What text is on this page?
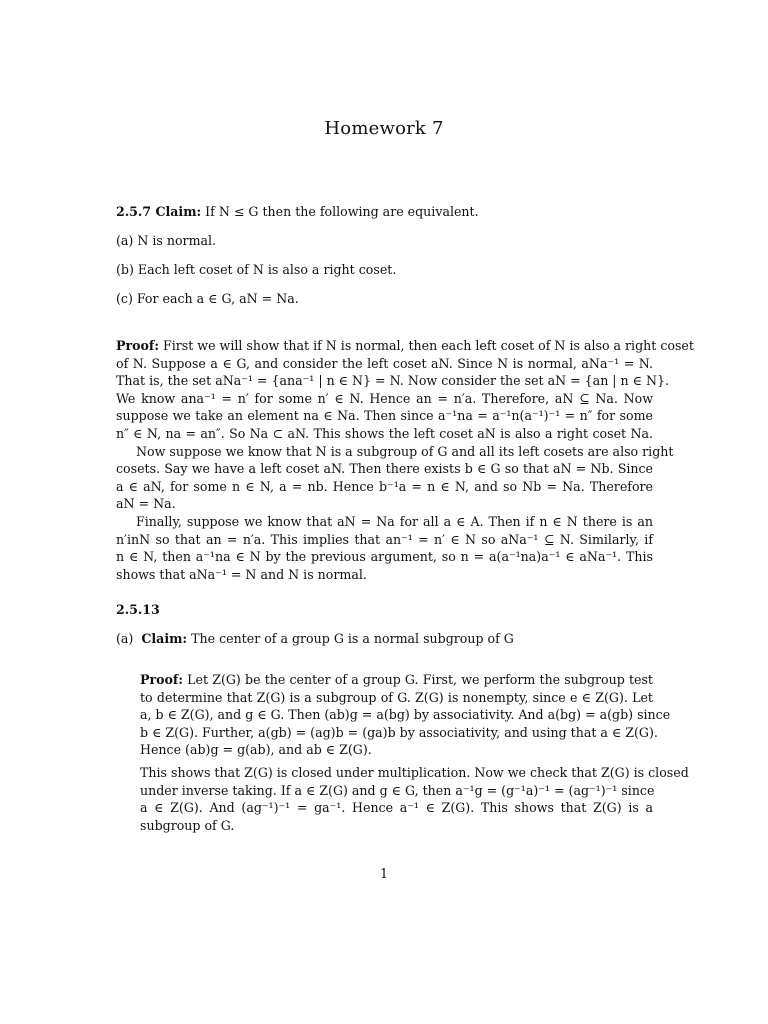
Homework 7
2.5.7 Claim: If N ≤ G then the following are equivalent.
(a) N is normal.
(b) Each left coset of N is also a right coset.
(c) For each a ∈ G, aN = Na.
Proof: First we will show that if N is normal, then each left coset of N is also a right coset
of N. Suppose a ∈ G, and consider the left coset aN. Since N is normal, aNa⁻¹ = N.
That is, the set aNa⁻¹ = {ana⁻¹ | n ∈ N} = N. Now consider the set aN = {an | n ∈ N}.
We know ana⁻¹ = n′ for some n′ ∈ N. Hence an = n′a. Therefore, aN ⊆ Na. Now
suppose we take an element na ∈ Na. Then since a⁻¹na = a⁻¹n(a⁻¹)⁻¹ = n″ for some
n″ ∈ N, na = an″. So Na ⊂ aN. This shows the left coset aN is also a right coset Na.
Now suppose we know that N is a subgroup of G and all its left cosets are also right
cosets. Say we have a left coset aN. Then there exists b ∈ G so that aN = Nb. Since
a ∈ aN, for some n ∈ N, a = nb. Hence b⁻¹a = n ∈ N, and so Nb = Na. Therefore
aN = Na.
Finally, suppose we know that aN = Na for all a ∈ A. Then if n ∈ N there is an
n′inN so that an = n′a. This implies that an⁻¹ = n′ ∈ N so aNa⁻¹ ⊆ N. Similarly, if
n ∈ N, then a⁻¹na ∈ N by the previous argument, so n = a(a⁻¹na)a⁻¹ ∈ aNa⁻¹. This
shows that aNa⁻¹ = N and N is normal.
2.5.13
(a) Claim: The center of a group G is a normal subgroup of G
Proof: Let Z(G) be the center of a group G. First, we perform the subgroup test
to determine that Z(G) is a subgroup of G. Z(G) is nonempty, since e ∈ Z(G). Let
a, b ∈ Z(G), and g ∈ G. Then (ab)g = a(bg) by associativity. And a(bg) = a(gb) since
b ∈ Z(G). Further, a(gb) = (ag)b = (ga)b by associativity, and using that a ∈ Z(G).
Hence (ab)g = g(ab), and ab ∈ Z(G).
This shows that Z(G) is closed under multiplication. Now we check that Z(G) is closed
under inverse taking. If a ∈ Z(G) and g ∈ G, then a⁻¹g = (g⁻¹a)⁻¹ = (ag⁻¹)⁻¹ since
a ∈ Z(G). And (ag⁻¹)⁻¹ = ga⁻¹. Hence a⁻¹ ∈ Z(G). This shows that Z(G) is a
subgroup of G.
1
